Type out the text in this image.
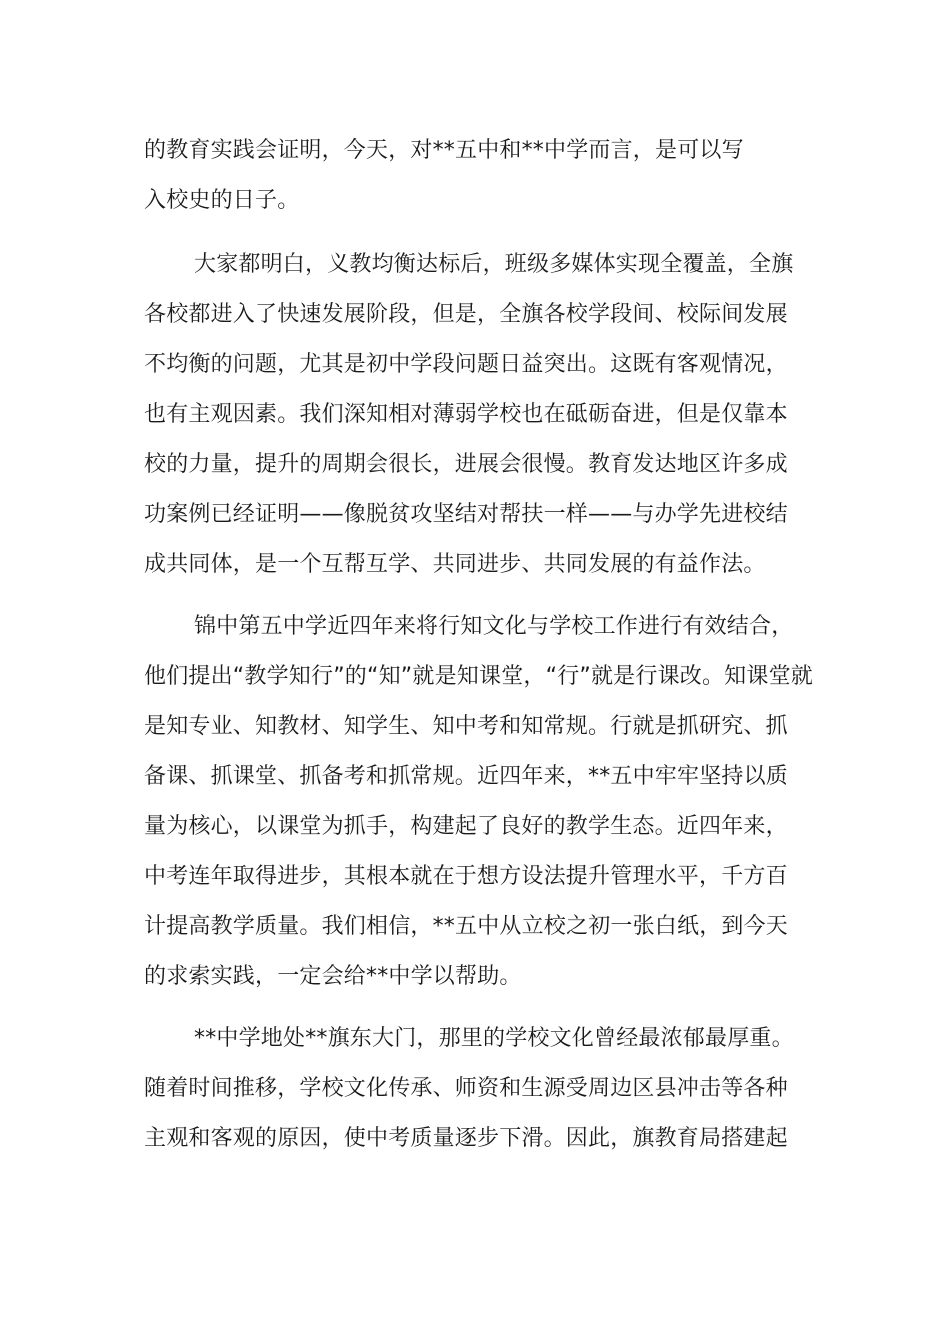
的教育实践会证明，今天，对**五中和**中学而言，是可以写
入校史的日子。
大家都明白，义教均衡达标后，班级多媒体实现全覆盖，全旗
各校都进入了快速发展阶段，但是，全旗各校学段间、校际间发展
不均衡的问题，尤其是初中学段问题日益突出。这既有客观情况，
也有主观因素。我们深知相对薄弱学校也在砥砺奋进，但是仅靠本
校的力量，提升的周期会很长，进展会很慢。教育发达地区许多成
功案例已经证明——像脱贫攻坚结对帮扶一样——与办学先进校结
成共同体，是一个互帮互学、共同进步、共同发展的有益作法。
锦中第五中学近四年来将行知文化与学校工作进行有效结合，
他们提出“教学知行”的“知”就是知课堂，“行”就是行课改。知课堂就
是知专业、知教材、知学生、知中考和知常规。行就是抓研究、抓
备课、抓课堂、抓备考和抓常规。近四年来，**五中牢牢坚持以质
量为核心，以课堂为抓手，构建起了良好的教学生态。近四年来，
中考连年取得进步，其根本就在于想方设法提升管理水平，千方百
计提高教学质量。我们相信，**五中从立校之初一张白纸，到今天
的求索实践，一定会给**中学以帮助。
**中学地处**旗东大门，那里的学校文化曾经最浓郁最厚重。
随着时间推移，学校文化传承、师资和生源受周边区县冲击等各种
主观和客观的原因，使中考质量逐步下滑。因此，旗教育局搭建起
